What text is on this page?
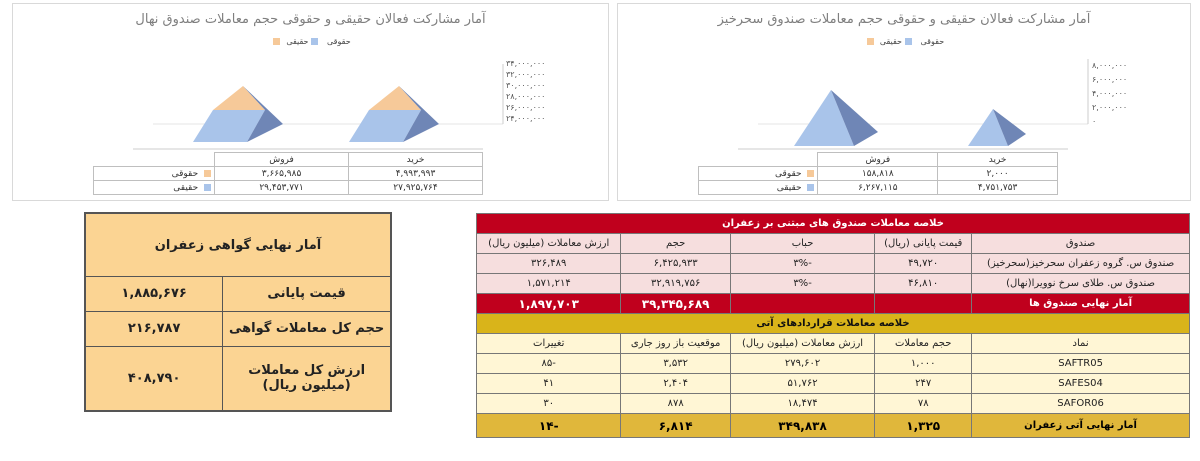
آمار مشارکت فعالان حقیقی و حقوقی حجم معاملات صندوق نهال
حقوقی حقیقی
۳۴,۰۰۰,۰۰۰
۳۲,۰۰۰,۰۰۰
۳۰,۰۰۰,۰۰۰
۲۸,۰۰۰,۰۰۰
۲۶,۰۰۰,۰۰۰
۲۴,۰۰۰,۰۰۰
	فروش	خرید
حقوقی	۳,۶۶۵,۹۸۵	۴,۹۹۳,۹۹۳
حقیقی	۲۹,۴۵۳,۷۷۱	۲۷,۹۲۵,۷۶۴
آمار مشارکت فعالان حقیقی و حقوقی حجم معاملات صندوق سحرخیز
حقوقی حقیقی
۸,۰۰۰,۰۰۰
۶,۰۰۰,۰۰۰
۴,۰۰۰,۰۰۰
۲,۰۰۰,۰۰۰
۰
	فروش	خرید
حقوقی	۱۵۸,۸۱۸	۲,۰۰۰
حقیقی	۶,۲۶۷,۱۱۵	۴,۷۵۱,۷۵۳
آمار نهایی گواهی زعفران	
قیمت پایانی	۱,۸۸۵,۶۷۶
حجم کل معاملات گواهی	۲۱۶,۷۸۷
ارزش کل معاملات (میلیون ریال)	۴۰۸,۷۹۰
خلاصه معاملات صندوق های مبتنی بر زعفران				
صندوق	قیمت پایانی (ریال)	حباب	حجم	ارزش معاملات (میلیون ریال)
صندوق س. گروه زعفران سحرخیز(سحرخیز)	۴۹,۷۲۰	-۳%	۶,۴۲۵,۹۳۳	۳۲۶,۴۸۹
صندوق س. طلای سرخ نوویرا(نهال)	۴۶,۸۱۰	-۳%	۳۲,۹۱۹,۷۵۶	۱,۵۷۱,۲۱۴
آمار نهایی صندوق ها			۳۹,۳۴۵,۶۸۹	۱,۸۹۷,۷۰۳
خلاصه معاملات قراردادهای آتی				
نماد	حجم معاملات	ارزش معاملات (میلیون ریال)	موقعیت باز روز جاری	تغییرات
SAFTR05	۱,۰۰۰	۲۷۹,۶۰۲	۳,۵۳۲	-۸۵
SAFES04	۲۴۷	۵۱,۷۶۲	۲,۴۰۴	۴۱
SAFOR06	۷۸	۱۸,۴۷۴	۸۷۸	۳۰
آمار نهایی آتی زعفران	۱,۳۲۵	۳۴۹,۸۳۸	۶,۸۱۴	-۱۴
